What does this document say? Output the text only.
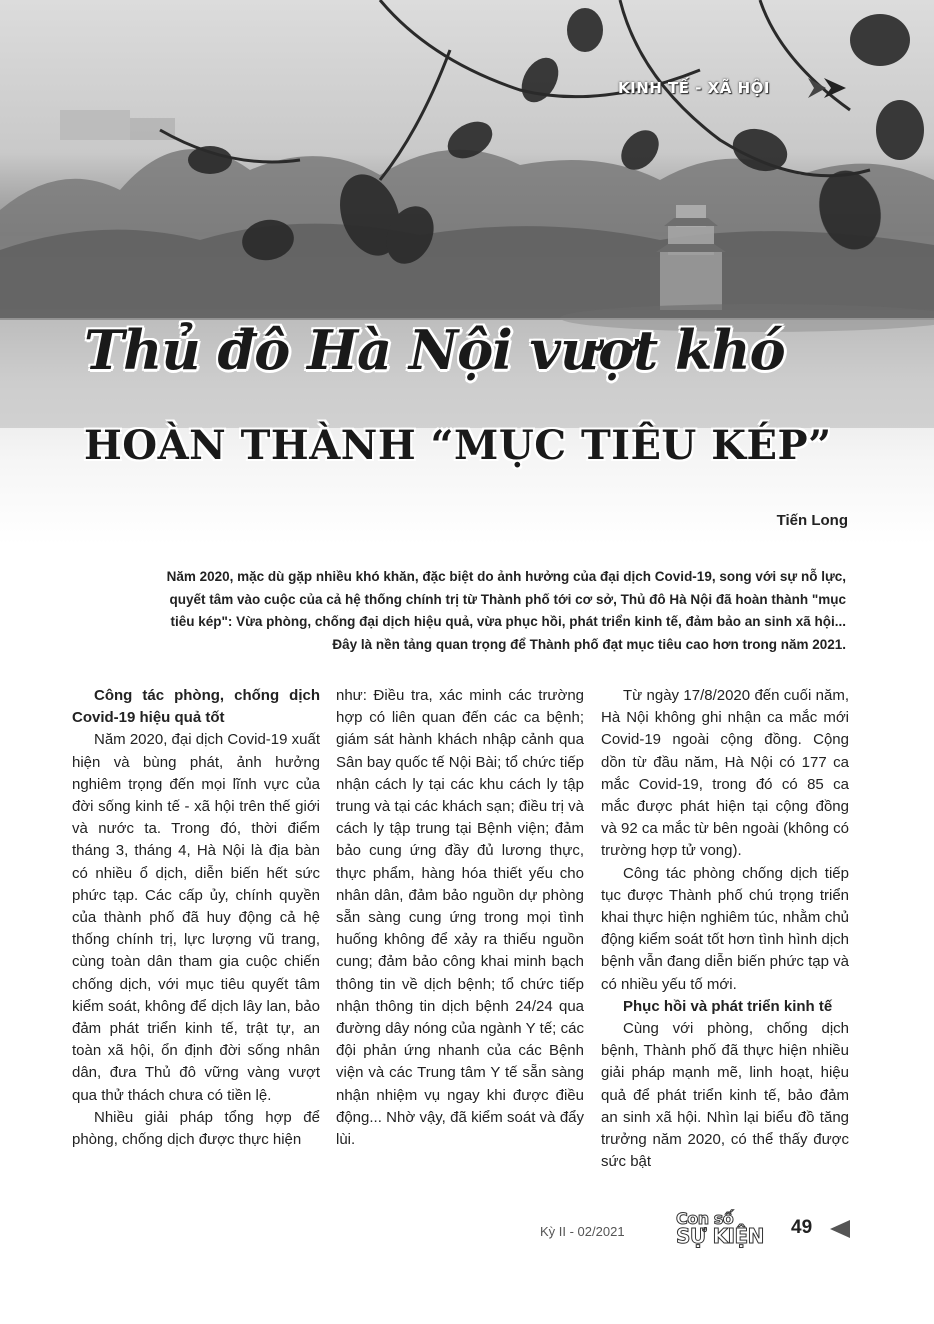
KINH TẾ - XÃ HỘI
Thủ đô Hà Nội vượt khó
HOÀN THÀNH “MỤC TIÊU KÉP”
Tiến Long
Năm 2020, mặc dù gặp nhiều khó khăn, đặc biệt do ảnh hưởng của đại dịch Covid-19, song với sự nỗ lực, quyết tâm vào cuộc của cả hệ thống chính trị từ Thành phố tới cơ sở, Thủ đô Hà Nội đã hoàn thành "mục tiêu kép": Vừa phòng, chống đại dịch hiệu quả, vừa phục hồi, phát triển kinh tế, đảm bảo an sinh xã hội... Đây là nền tảng quan trọng để Thành phố đạt mục tiêu cao hơn trong năm 2021.
Công tác phòng, chống dịch Covid-19 hiệu quả tốt

Năm 2020, đại dịch Covid-19 xuất hiện và bùng phát, ảnh hưởng nghiêm trọng đến mọi lĩnh vực của đời sống kinh tế - xã hội trên thế giới và nước ta. Trong đó, thời điểm tháng 3, tháng 4, Hà Nội là địa bàn có nhiều ổ dịch, diễn biến hết sức phức tạp. Các cấp ủy, chính quyền của thành phố đã huy động cả hệ thống chính trị, lực lượng vũ trang, cùng toàn dân tham gia cuộc chiến chống dịch, với mục tiêu quyết tâm kiểm soát, không để dịch lây lan, bảo đảm phát triển kinh tế, trật tự, an toàn xã hội, ổn định đời sống nhân dân, đưa Thủ đô vững vàng vượt qua thử thách chưa có tiền lệ.

Nhiều giải pháp tổng hợp để phòng, chống dịch được thực hiện

như: Điều tra, xác minh các trường hợp có liên quan đến các ca bệnh; giám sát hành khách nhập cảnh qua Sân bay quốc tế Nội Bài; tổ chức tiếp nhận cách ly tại các khu cách ly tập trung và tại các khách sạn; điều trị và cách ly tập trung tại Bệnh viện; đảm bảo cung ứng đầy đủ lương thực, thực phẩm, hàng hóa thiết yếu cho nhân dân, đảm bảo nguồn dự phòng sẵn sàng cung ứng trong mọi tình huống không để xảy ra thiếu nguồn cung; đảm bảo công khai minh bạch thông tin về dịch bệnh; tổ chức tiếp nhận thông tin dịch bệnh 24/24 qua đường dây nóng của ngành Y tế; các đội phản ứng nhanh của các Bệnh viện và các Trung tâm Y tế sẵn sàng nhận nhiệm vụ ngay khi được điều động... Nhờ vậy, đã kiểm soát và đẩy lùi.

Từ ngày 17/8/2020 đến cuối năm, Hà Nội không ghi nhận ca mắc mới Covid-19 ngoài cộng đồng. Cộng dồn từ đầu năm, Hà Nội có 177 ca mắc Covid-19, trong đó có 85 ca mắc được phát hiện tại cộng đồng và 92 ca mắc từ bên ngoài (không có trường hợp tử vong).

Công tác phòng chống dịch tiếp tục được Thành phố chú trọng triển khai thực hiện nghiêm túc, nhằm chủ động kiểm soát tốt hơn tình hình dịch bệnh vẫn đang diễn biến phức tạp và có nhiều yếu tố mới.

Phục hồi và phát triển kinh tế

Cùng với phòng, chống dịch bệnh, Thành phố đã thực hiện nhiều giải pháp mạnh mẽ, linh hoạt, hiệu quả để phát triển kinh tế, bảo đảm an sinh xã hội. Nhìn lại biểu đồ tăng trưởng năm 2020, có thể thấy được sức bật

Kỳ II - 02/2021
Con số
SỰ KIỆN 49
